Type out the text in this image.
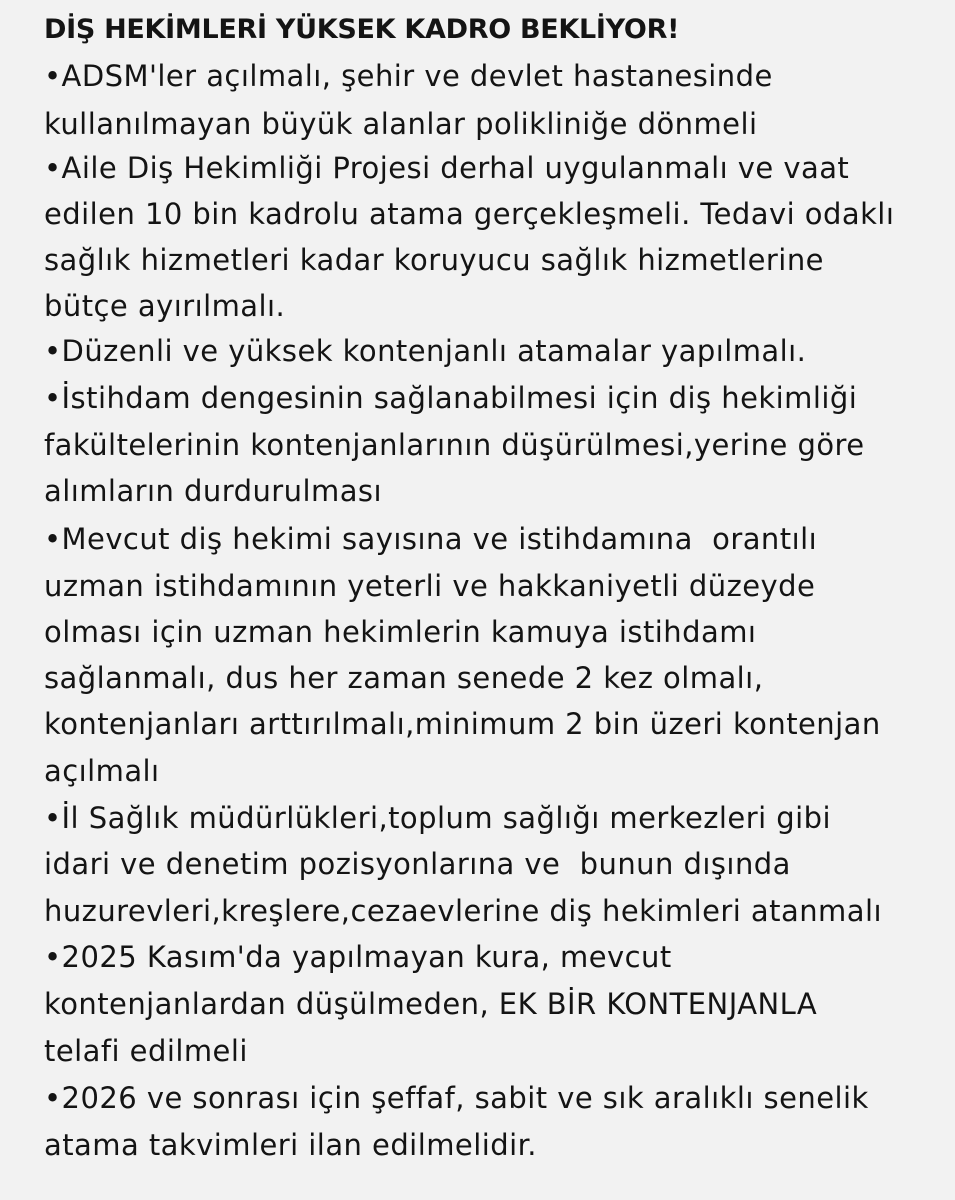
DİŞ HEKİMLERİ YÜKSEK KADRO BEKLİYOR!
•ADSM'ler açılmalı, şehir ve devlet hastanesinde
kullanılmayan büyük alanlar polikliniğe dönmeli
•Aile Diş Hekimliği Projesi derhal uygulanmalı ve vaat
edilen 10 bin kadrolu atama gerçekleşmeli. Tedavi odaklı
sağlık hizmetleri kadar koruyucu sağlık hizmetlerine
bütçe ayırılmalı.
•Düzenli ve yüksek kontenjanlı atamalar yapılmalı.
•İstihdam dengesinin sağlanabilmesi için diş hekimliği
fakültelerinin kontenjanlarının düşürülmesi,yerine göre
alımların durdurulması
•Mevcut diş hekimi sayısına ve istihdamına  orantılı
uzman istihdamının yeterli ve hakkaniyetli düzeyde
olması için uzman hekimlerin kamuya istihdamı
sağlanmalı, dus her zaman senede 2 kez olmalı,
kontenjanları arttırılmalı,minimum 2 bin üzeri kontenjan
açılmalı
•İl Sağlık müdürlükleri,toplum sağlığı merkezleri gibi
idari ve denetim pozisyonlarına ve  bunun dışında
huzurevleri,kreşlere,cezaevlerine diş hekimleri atanmalı
•2025 Kasım'da yapılmayan kura, mevcut
kontenjanlardan düşülmeden, EK BİR KONTENJANLA
telafi edilmeli
•2026 ve sonrası için şeffaf, sabit ve sık aralıklı senelik
atama takvimleri ilan edilmelidir.
